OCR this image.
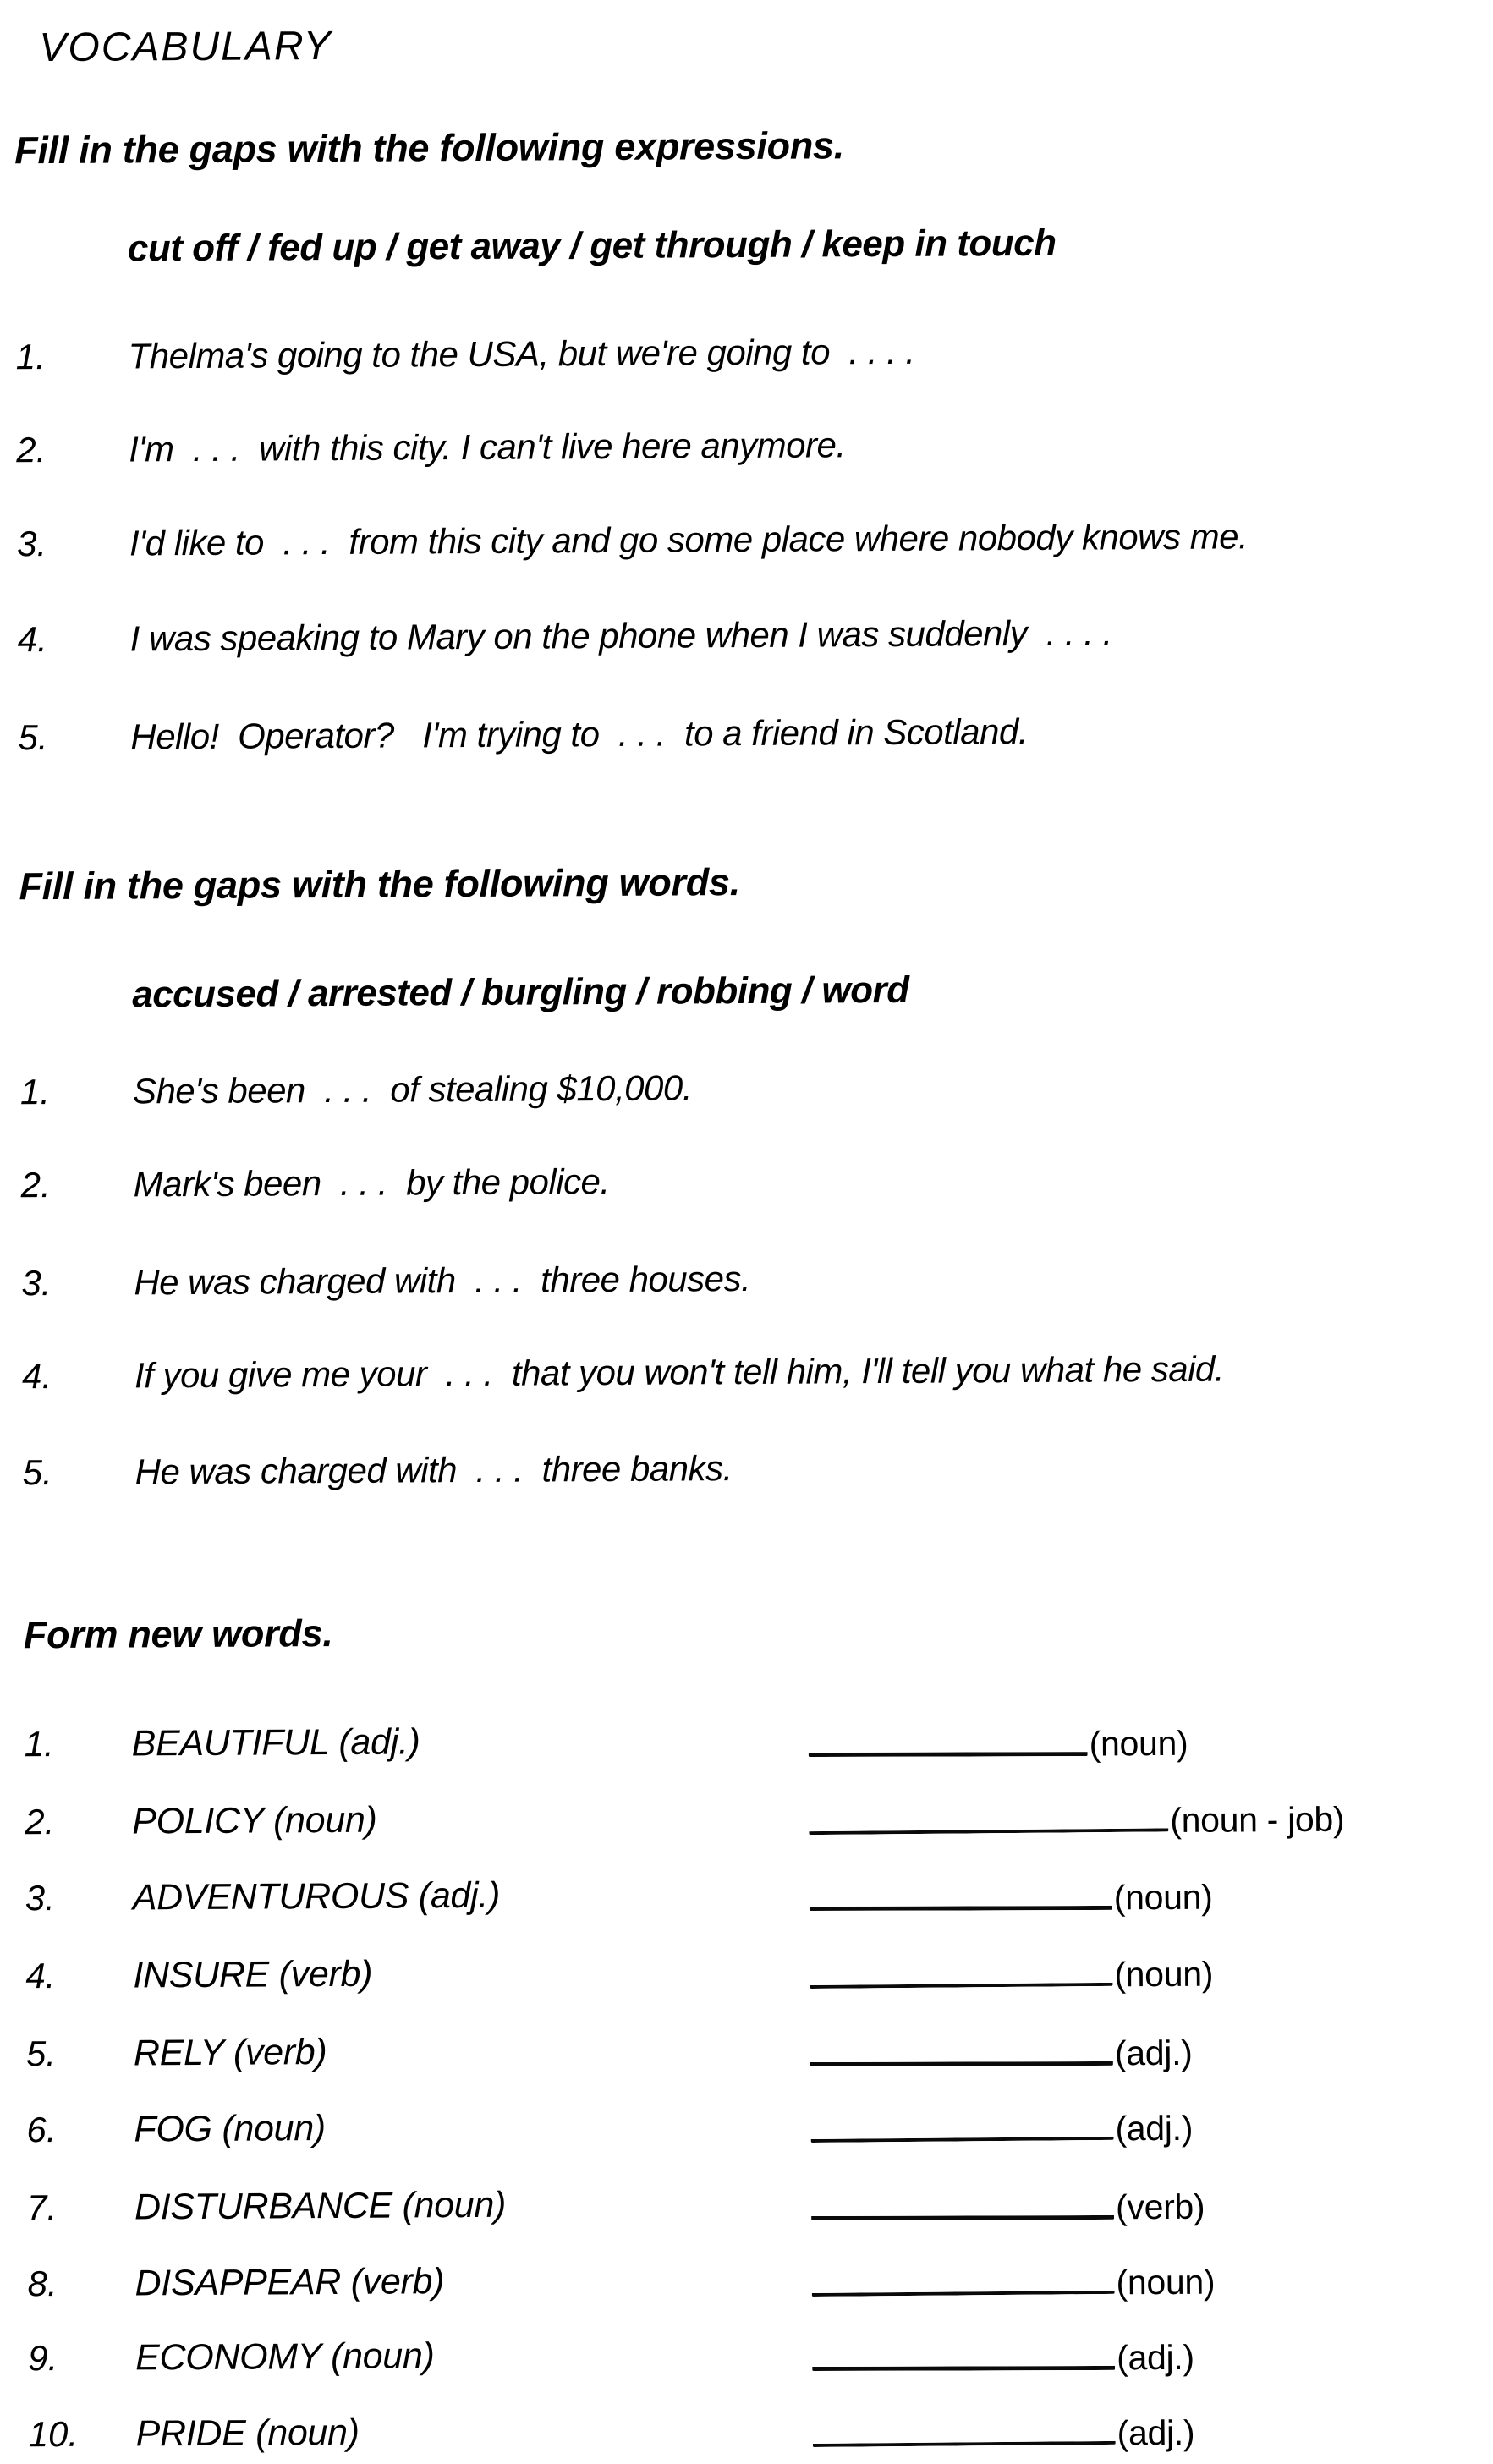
VOCABULARY
Fill in the gaps with the following expressions.
cut off / fed up / get away / get through / keep in touch
1. Thelma's going to the USA, but we're going to  . . . .
2. I'm  . . .  with this city. I can't live here anymore.
3. I'd like to  . . .  from this city and go some place where nobody knows me.
4. I was speaking to Mary on the phone when I was suddenly  . . . .
5. Hello!  Operator?   I'm trying to  . . .  to a friend in Scotland.
Fill in the gaps with the following words.
accused / arrested / burgling / robbing / word
1. She's been  . . .  of stealing $10,000.
2. Mark's been  . . .  by the police.
3. He was charged with  . . .  three houses.
4. If you give me your  . . .  that you won't tell him, I'll tell you what he said.
5. He was charged with  . . .  three banks.
Form new words.
1. BEAUTIFUL (adj.)	(noun)
2. POLICY (noun)	(noun - job)
3. ADVENTUROUS (adj.)	(noun)
4. INSURE (verb)	(noun)
5. RELY (verb)	(adj.)
6. FOG (noun)	(adj.)
7. DISTURBANCE (noun)	(verb)
8. DISAPPEAR (verb)	(noun)
9. ECONOMY (noun)	(adj.)
10. PRIDE (noun)	(adj.)
